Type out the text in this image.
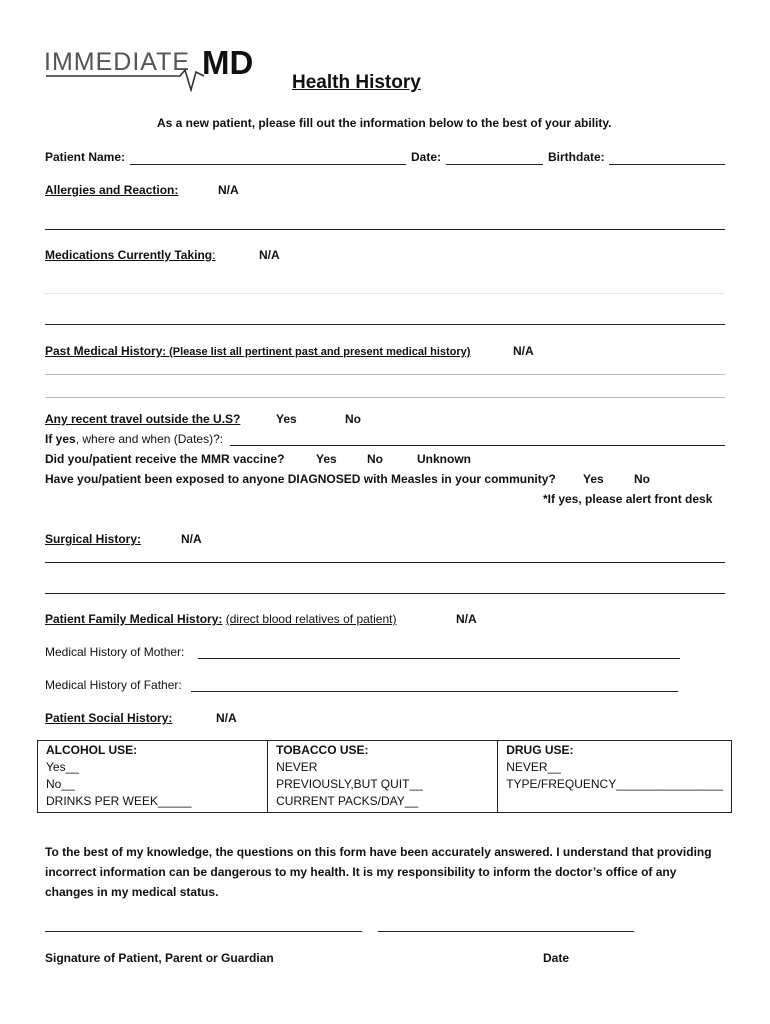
IMMEDIATE MD
Health History
As a new patient, please fill out the information below to the best of your ability.
Patient Name:	Date:	Birthdate:
Allergies and Reaction:	N/A
Medications Currently Taking:	N/A
Past Medical History: (Please list all pertinent past and present medical history)	N/A
Any recent travel outside the U.S?	Yes	No
If yes, where and when (Dates)?:
Did you/patient receive the MMR vaccine?	Yes	No	Unknown
Have you/patient been exposed to anyone DIAGNOSED with Measles in your community? Yes	No
*If yes, please alert front desk
Surgical History:	N/A
Patient Family Medical History: (direct blood relatives of patient)	N/A
Medical History of Mother:
Medical History of Father:
Patient Social History:	N/A
ALCOHOL USE:
Yes__
No__
DRINKS PER WEEK_____

TOBACCO USE:
NEVER
PREVIOUSLY,BUT QUIT__
CURRENT PACKS/DAY__

DRUG USE:
NEVER__
TYPE/FREQUENCY________________
To the best of my knowledge, the questions on this form have been accurately answered. I understand that providing
incorrect information can be dangerous to my health. It is my responsibility to inform the doctor’s office of any
changes in my medical status.
Signature of Patient, Parent or Guardian	Date
